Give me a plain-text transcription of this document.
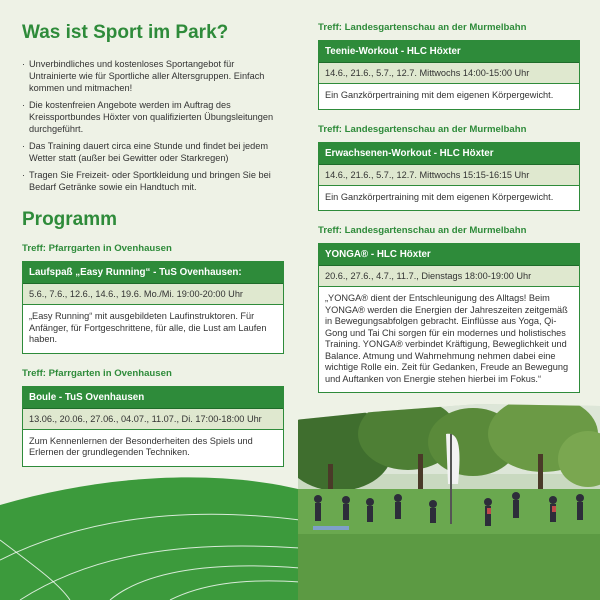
Was ist Sport im Park?
· Unverbindliches und kostenloses Sportangebot für Untrainierte wie für Sportliche aller Altersgruppen. Einfach kommen und mitmachen!
· Die kostenfreien Angebote werden im Auftrag des Kreissportbundes Höxter von qualifizierten Übungsleitungen durchgeführt.
· Das Training dauert circa eine Stunde und findet bei jedem Wetter statt (außer bei Gewitter oder Starkregen)
· Tragen Sie Freizeit- oder Sportkleidung und bringen Sie bei Bedarf Getränke sowie ein Handtuch mit.
Programm
Treff: Pfarrgarten in Ovenhausen
Laufspaß „Easy Running“ - TuS Ovenhausen:
5.6., 7.6., 12.6., 14.6., 19.6. Mo./Mi. 19:00-20:00 Uhr
„Easy Running“ mit ausgebildeten Laufinstruktoren. Für Anfänger, für Fortgeschrittene, für alle, die Lust am Laufen haben.
Treff: Pfarrgarten in Ovenhausen
Boule - TuS Ovenhausen
13.06., 20.06., 27.06., 04.07., 11.07., Di. 17:00-18:00 Uhr
Zum Kennenlernen der Besonderheiten des Spiels und Erlernen der grundlegenden Techniken.
Treff: Landesgartenschau an der Murmelbahn
Teenie-Workout - HLC Höxter
14.6., 21.6., 5.7., 12.7. Mittwochs 14:00-15:00 Uhr
Ein Ganzkörpertraining mit dem eigenen Körpergewicht.
Treff: Landesgartenschau an der Murmelbahn
Erwachsenen-Workout - HLC Höxter
14.6., 21.6., 5.7., 12.7. Mittwochs 15:15-16:15 Uhr
Ein Ganzkörpertraining mit dem eigenen Körpergewicht.
Treff: Landesgartenschau an der Murmelbahn
YONGA® - HLC Höxter
20.6., 27.6., 4.7., 11.7., Dienstags 18:00-19:00 Uhr
„YONGA® dient der Entschleunigung des Alltags! Beim YONGA® werden die Energien der Jahreszeiten zeitgemäß in Bewegungsabfolgen gebracht. Einflüsse aus Yoga, Qi-Gong und Tai Chi sorgen für ein modernes und holistisches Training. YONGA® verbindet Kräftigung, Beweglichkeit und Balance. Atmung und Wahrnehmung nehmen dabei eine wichtige Rolle ein. Zeit für Gedanken, Freude an Bewegung und Auftanken von Energie stehen hierbei im Fokus.“
